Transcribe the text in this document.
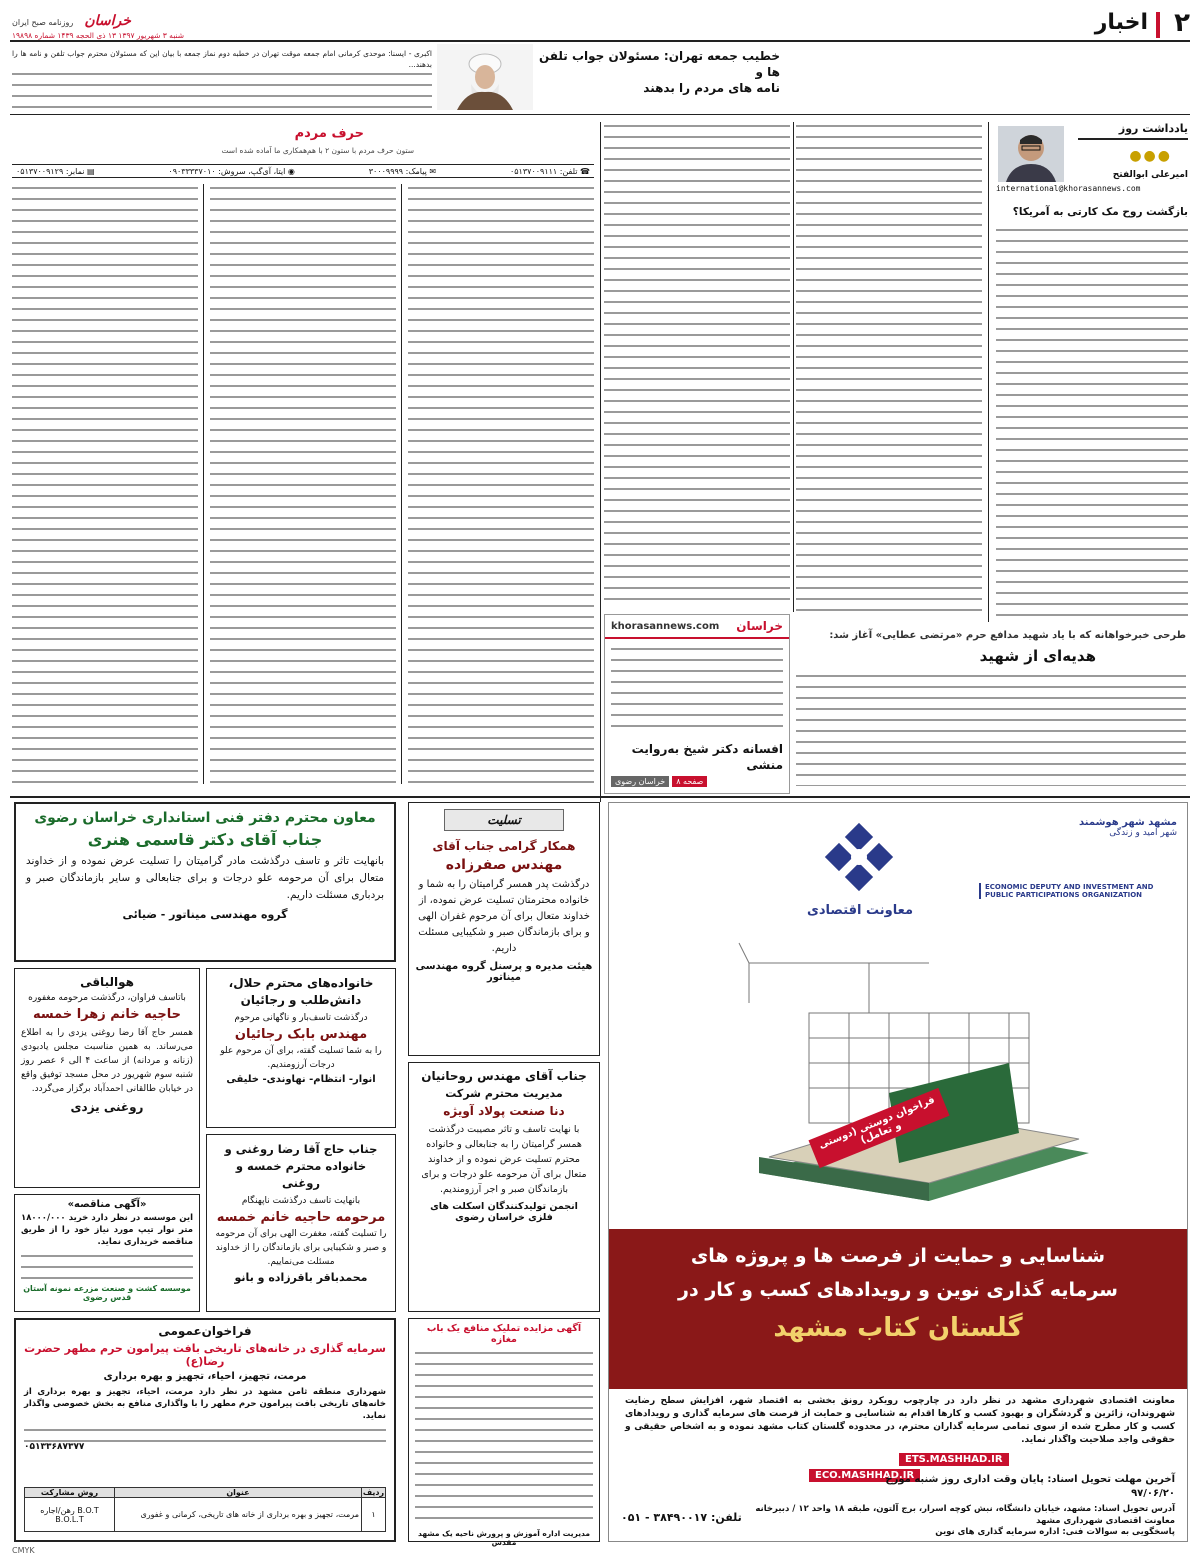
۲
اخبار
خراسان روزنامه صبح ایران
شنبه ۳ شهریور ۱۳۹۷ ۱۳ ذی الحجه ۱۴۳۹ شماره ۱۹۸۹۸
خطیب جمعه تهران: مسئولان جواب تلفن ها و
نامه های مردم را بدهند
اکبری - ایسنا: موحدی کرمانی امام جمعه موقت تهران در خطبه دوم نماز جمعه با بیان این که مسئولان محترم جواب تلفن و نامه ها را بدهند...
یادداشت روز
●●●
امیرعلی ابوالفتح
international@khorasannews.com
بازگشت روح مک کارتی به آمریکا؟
طرحی خبرخواهانه که با یاد شهید مدافع حرم «مرتضی عطایی» آغاز شد:
هدیه‌ای از شهید
خراسان
khorasannews.com
افسانه دکتر شیخ‌ به‌روایت منشی
صفحه ۸
خراسان رضوی
حرف مردم
ستون حرف مردم با ستون ۲ با هم‌همکاری ما آماده شده است
☎ تلفن: ۰۵۱۳۷۰۰۹۱۱۱
✉ پیامک: ۳۰۰۰۹۹۹۹
◉ ایتا، آی‌گپ، سروش: ۰۹۰۳۳۳۳۷۰۱۰
▤ نمابر: ۰۵۱۳۷۰۰۹۱۲۹
مشهد شهر هوشمند
شهر امید و زندگی
معاونت اقتصادی
ECONOMIC DEPUTY AND INVESTMENT AND PUBLIC PARTICIPATIONS ORGANIZATION
فراخوان دوستی (دوستی و تعامل)
شناسایی و حمایت از فرصت ها و پروژه های
سرمایه گذاری نوین و رویدادهای کسب و کار در
گلستان کتاب مشهد
معاونت اقتصادی شهرداری مشهد در نظر دارد در چارچوب رویکرد رونق بخشی به اقتصاد شهر، افزایش سطح رضایت شهروندان، زائرین و گردشگران و بهبود کسب و کارها اقدام به شناسایی و حمایت از فرصت های سرمایه گذاری و رویدادهای کسب و کار مطرح شده از سوی تمامی سرمایه گذاران محترم، در محدوده گلستان کتاب مشهد نموده و به اشخاص حقیقی و حقوقی واجد صلاحیت واگذار نماید.
ETS.MASHHAD.IR
ECO.MASHHAD.IR
آخرین مهلت تحویل اسناد: پایان وقت اداری روز شنبه مورخ ۹۷/۰۶/۲۰
آدرس تحویل اسناد: مشهد، خیابان دانشگاه، نبش کوچه اسرار، برج آلتون، طبقه ۱۸ واحد ۱۲ / دبیرخانه معاونت اقتصادی شهرداری مشهد
تلفن: ۳۸۴۹۰۰۱۷ - ۰۵۱
پاسخگویی به سوالات فنی: اداره سرمایه گذاری های نوین
معاون محترم دفتر فنی استانداری خراسان رضوی
جناب آقای دکتر قاسمی هنری
بانهایت تاثر و تاسف درگذشت مادر گرامیتان را تسلیت عرض نموده و از خداوند متعال برای آن مرحومه علو درجات و برای جنابعالی و سایر بازماندگان صبر و بردباری مسئلت داریم.
گروه مهندسی میناتور - ضیائی
تسلیت
همکار گرامی جناب آقای
مهندس صفرزاده
درگذشت پدر همسر گرامیتان را به شما و خانواده محترمتان تسلیت عرض نموده، از خداوند متعال برای آن مرحوم غفران الهی و برای بازماندگان صبر و شکیبایی مسئلت داریم.
هیئت مدیره و پرسنل گروه مهندسی میناتور
هوالباقی
باتاسف فراوان، درگذشت مرحومه مغفوره
حاجیه خانم زهرا خمسه
همسر حاج آقا رضا روغنی یزدی را به اطلاع می‌رساند. به همین مناسبت مجلس یادبودی (زنانه و مردانه) از ساعت ۴ الی ۶ عصر روز شنبه سوم شهریور در محل مسجد توفیق واقع در خیابان طالقانی احمدآباد برگزار می‌گردد.
روغنی یزدی
خانواده‌های محترم حلال، دانش‌طلب و رجائیان
درگذشت تاسف‌بار و ناگهانی مرحوم
مهندس بابک رجائیان
را به شما تسلیت گفته، برای آن مرحوم علو درجات آرزومندیم.
انوار- انتظام- نهاوندی- خلیقی
جناب حاج آقا رضا روغنی و خانواده محترم خمسه و روغنی
بانهایت تاسف درگذشت ناپهنگام
مرحومه حاجیه خانم خمسه
را تسلیت گفته، مغفرت الهی برای آن مرحومه و صبر و شکیبایی برای بازماندگان را از خداوند مسئلت می‌نماییم.
محمدباقر باقرزاده و بانو
جناب آقای مهندس روحانیان
مدیریت محترم شرکت
دنا صنعت پولاد آویژه
با نهایت تاسف و تاثر مصیبت درگذشت همسر گرامیتان را به جنابعالی و خانواده محترم تسلیت عرض نموده و از خداوند متعال برای آن مرحومه علو درجات و برای بازماندگان صبر و اجر آرزومندیم.
انجمن تولیدکنندگان اسکلت های فلزی خراسان رضوی
«آگهی مناقصه»
این موسسه در نظر دارد خرید ۱۸۰۰۰/۰۰۰ متر نوار تیپ مورد نیاز خود را از طریق مناقصه خریداری نماید.
موسسه کشت و صنعت مزرعه نمونه آستان قدس رضوی
آگهی مزایده تملیک منافع یک باب مغازه
مدیریت اداره آموزش و پرورش ناحیه یک مشهد مقدس
فراخوان‌عمومی
سرمایه گذاری در خانه‌های تاریخی بافت پیرامون حرم مطهر حضرت رضا(ع)
مرمت، تجهیز، احیاء، تجهیز و بهره برداری
شهرداری منطقه ثامن مشهد در نظر دارد مرمت، احیاء، تجهیز و بهره برداری از خانه‌های تاریخی بافت پیرامون حرم مطهر را با واگذاری منافع به بخش خصوصی واگذار نماید.
۰۵۱۳۳۶۸۷۳۷۷
ردیف	عنوان	روش مشارکت
۱	مرمت، تجهیز و بهره برداری از خانه های تاریخی، کرمانی و غفوری	رهن/اجاره B.O.T B.O.L.T
CMYK
